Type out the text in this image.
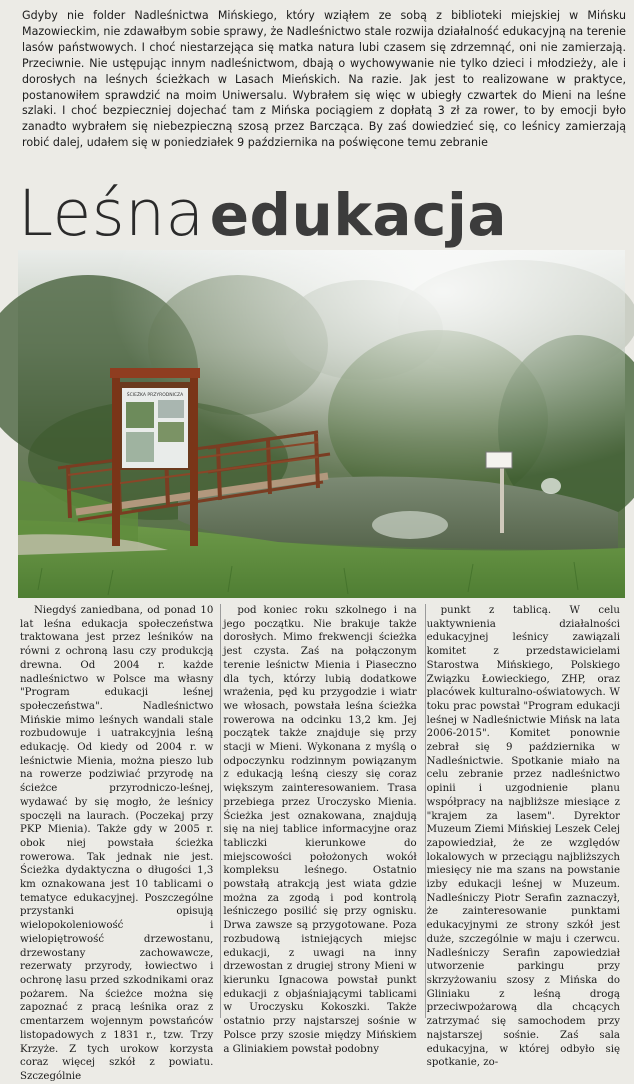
Gdyby nie folder Nadleśnictwa Mińskiego, który wziąłem ze sobą z biblioteki miejskiej w Mińsku Mazowieckim, nie zdawałbym sobie sprawy, że Nadleśnictwo stale rozwija działalność edukacyjną na terenie lasów państwowych. I choć niestarzejąca się matka natura lubi czasem się zdrzemnąć, oni nie zamierzają. Przeciwnie. Nie ustępując innym nadleśnictwom, dbają o wychowywanie nie tylko dzieci i młodzieży, ale i dorosłych na leśnych ścieżkach w Lasach Mieńskich. Na razie. Jak jest to realizowane w praktyce, postanowiłem sprawdzić na moim Uniwersalu. Wybrałem się więc w ubiegły czwartek do Mieni na leśne szlaki. I choć bezpieczniej dojechać tam z Mińska pociągiem z dopłatą 3 zł za rower, to by emocji było zanadto wybrałem się niebezpieczną szosą przez Barcząca. By zaś dowiedzieć się, co leśnicy zamierzają robić dalej, udałem się w poniedziałek 9 października na poświęcone temu zebranie

Leśna edukacja
ŚCIEŻKA PRZYRODNICZA

Niegdyś zaniedbana, od ponad 10 lat leśna edukacja społeczeństwa traktowana jest przez leśników na równi z ochroną lasu czy produkcją drewna. Od 2004 r. każde nadleśnictwo w Polsce ma własny "Program edukacji leśnej społeczeństwa". Nadleśnictwo Mińskie mimo leśnych wandali stale rozbudowuje i uatrakcyjnia leśną edukację. Od kiedy od 2004 r. w leśnictwie Mienia, można pieszo lub na rowerze podziwiać przyrodę na ścieżce przyrodniczo-leśnej, wydawać by się mogło, że leśnicy spoczęli na laurach. (Poczekaj przy PKP Mienia). Także gdy w 2005 r. obok niej powstała ścieżka rowerowa. Tak jednak nie jest. Ścieżka dydaktyczna o długości 1,3 km oznakowana jest 10 tablicami o tematyce edukacyjnej. Poszczególne przystanki opisują wielopokoleniowość i wielopiętrowość drzewostanu, drzewostany zachowawcze, rezerwaty przyrody, łowiectwo i ochronę lasu przed szkodnikami oraz pożarem. Na ścieżce można się zapoznać z pracą leśnika oraz z cmentarzem wojennym powstańców listopadowych z 1831 r., tzw. Trzy Krzyże. Z tych urokow korzysta coraz więcej szkół z powiatu. Szczególnie

pod koniec roku szkolnego i na jego początku. Nie brakuje także dorosłych. Mimo frekwencji ścieżka jest czysta. Zaś na połączonym terenie leśnictw Mienia i Piaseczno dla tych, którzy lubią dodatkowe wrażenia, pęd ku przygodzie i wiatr we włosach, powstała leśna ścieżka rowerowa na odcinku 13,2 km. Jej początek także znajduje się przy stacji w Mieni. Wykonana z myślą o odpoczynku rodzinnym powiązanym z edukacją leśną cieszy się coraz większym zainteresowaniem. Trasa przebiega przez Uroczysko Mienia. Ścieżka jest oznakowana, znajdują się na niej tablice informacyjne oraz tabliczki kierunkowe do miejscowości położonych wokół kompleksu leśnego. Ostatnio powstałą atrakcją jest wiata gdzie można za zgodą i pod kontrolą leśniczego posilić się przy ognisku. Drwa zawsze są przygotowane. Poza rozbudową istniejących miejsc edukacji, z uwagi na inny drzewostan z drugiej strony Mieni w kierunku Ignacowa powstał punkt edukacji z objaśniającymi tablicami w Uroczysku Kokoszki. Także ostatnio przy najstarszej sośnie w Polsce przy szosie między Mińskiem a Gliniakiem powstał podobny

punkt z tablicą. W celu uaktywnienia działalności edukacyjnej leśnicy zawiązali komitet z przedstawicielami Starostwa Mińskiego, Polskiego Związku Łowieckiego, ZHP, oraz placówek kulturalno-oświatowych. W toku prac powstał "Program edukacji leśnej w Nadleśnictwie Mińsk na lata 2006-2015". Komitet ponownie zebrał się 9 października w Nadleśnictwie. Spotkanie miało na celu zebranie przez nadleśnictwo opinii i uzgodnienie planu współpracy na najbliższe miesiące z "krajem za lasem". Dyrektor Muzeum Ziemi Mińskiej Leszek Celej zapowiedział, że ze względów lokalowych w przeciągu najbliższych miesięcy nie ma szans na powstanie izby edukacji leśnej w Muzeum. Nadleśniczy Piotr Serafin zaznaczył, że zainteresowanie punktami edukacyjnymi ze strony szkół jest duże, szczególnie w maju i czerwcu. Nadleśniczy Serafin zapowiedział utworzenie parkingu przy skrzyżowaniu szosy z Mińska do Gliniaku z leśną drogą przeciwpożarową dla chcących zatrzymać się samochodem przy najstarszej sośnie. Zaś sala edukacyjna, w której odbyło się spotkanie, zo-
